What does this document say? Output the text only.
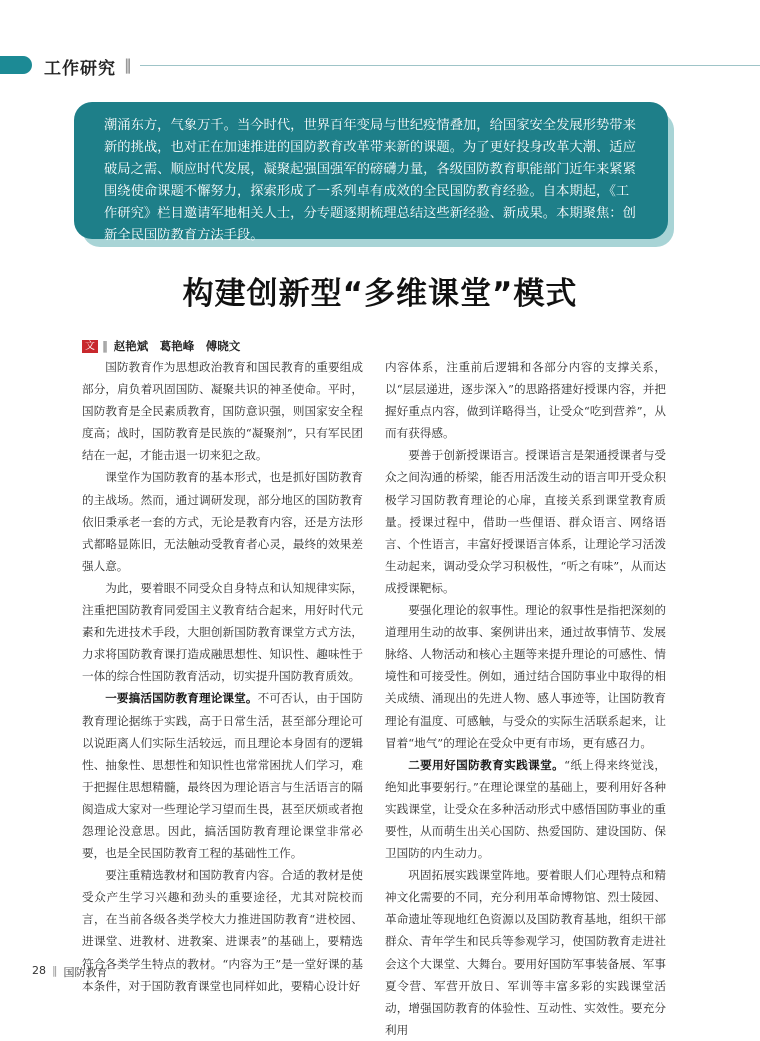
工作研究 ‖
潮涌东方，气象万千。当今时代，世界百年变局与世纪疫情叠加，给国家安全发展形势带来新的挑战，也对正在加速推进的国防教育改革带来新的课题。为了更好投身改革大潮、适应破局之需、顺应时代发展，凝聚起强国强军的磅礴力量，各级国防教育职能部门近年来紧紧围绕使命课题不懈努力，探索形成了一系列卓有成效的全民国防教育经验。自本期起，《工作研究》栏目邀请军地相关人士，分专题逐期梳理总结这些新经验、新成果。本期聚焦：创新全民国防教育方法手段。
构建创新型“多维课堂”模式
文 ‖ 赵艳斌　葛艳峰　傅晓文

国防教育作为思想政治教育和国民教育的重要组成部分，肩负着巩固国防、凝聚共识的神圣使命。平时，国防教育是全民素质教育，国防意识强，则国家安全程度高；战时，国防教育是民族的“凝聚剂”，只有军民团结在一起，才能击退一切来犯之敌。

课堂作为国防教育的基本形式，也是抓好国防教育的主战场。然而，通过调研发现，部分地区的国防教育依旧秉承老一套的方式，无论是教育内容，还是方法形式都略显陈旧，无法触动受教育者心灵，最终的效果差强人意。

为此，要着眼不同受众自身特点和认知规律实际，注重把国防教育同爱国主义教育结合起来，用好时代元素和先进技术手段，大胆创新国防教育课堂方式方法，力求将国防教育课打造成融思想性、知识性、趣味性于一体的综合性国防教育活动，切实提升国防教育质效。

一要搞活国防教育理论课堂。不可否认，由于国防教育理论据练于实践，高于日常生活，甚至部分理论可以说距离人们实际生活较远，而且理论本身固有的逻辑性、抽象性、思想性和知识性也常常困扰人们学习，难于把握住思想精髓，最终因为理论语言与生活语言的隔阂造成大家对一些理论学习望而生畏，甚至厌烦或者抱怨理论没意思。因此，搞活国防教育理论课堂非常必要，也是全民国防教育工程的基础性工作。

要注重精选教材和国防教育内容。合适的教材是使受众产生学习兴趣和劲头的重要途径，尤其对院校而言，在当前各级各类学校大力推进国防教育“进校园、进课堂、进教材、进教案、进课表”的基础上，要精选符合各类学生特点的教材。“内容为王”是一堂好课的基本条件，对于国防教育课堂也同样如此，要精心设计好

内容体系，注重前后逻辑和各部分内容的支撑关系，以“层层递进，逐步深入”的思路搭建好授课内容，并把握好重点内容，做到详略得当，让受众“吃到营养”，从而有获得感。

要善于创新授课语言。授课语言是架通授课者与受众之间沟通的桥梁，能否用活泼生动的语言叩开受众积极学习国防教育理论的心扉，直接关系到课堂教育质量。授课过程中，借助一些俚语、群众语言、网络语言、个性语言，丰富好授课语言体系，让理论学习活泼生动起来，调动受众学习积极性，“听之有味”，从而达成授课靶标。

要强化理论的叙事性。理论的叙事性是指把深刻的道理用生动的故事、案例讲出来，通过故事情节、发展脉络、人物活动和核心主题等来提升理论的可感性、情境性和可接受性。例如，通过结合国防事业中取得的相关成绩、涌现出的先进人物、感人事迹等，让国防教育理论有温度、可感触，与受众的实际生活联系起来，让冒着“地气”的理论在受众中更有市场，更有感召力。

二要用好国防教育实践课堂。“纸上得来终觉浅，绝知此事要躬行。”在理论课堂的基础上，要利用好各种实践课堂，让受众在多种活动形式中感悟国防事业的重要性，从而萌生出关心国防、热爱国防、建设国防、保卫国防的内生动力。

巩固拓展实践课堂阵地。要着眼人们心理特点和精神文化需要的不同，充分利用革命博物馆、烈士陵园、革命遗址等现地红色资源以及国防教育基地，组织干部群众、青年学生和民兵等参观学习，使国防教育走进社会这个大课堂、大舞台。要用好国防军事装备展、军事夏令营、军营开放日、军训等丰富多彩的实践课堂活动，增强国防教育的体验性、互动性、实效性。要充分利用

28 ‖ 国防教育
